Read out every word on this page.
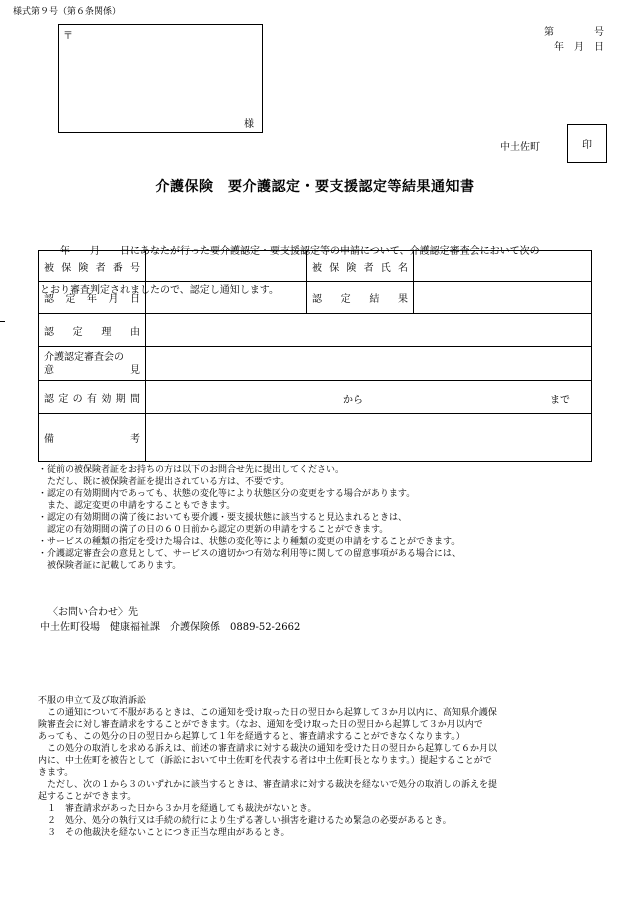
様式第９号（第６条関係）
〒
様
第　　　　号
年　月　日
中土佐町	印
介護保険　要介護認定・要支援認定等結果通知書

　　年　　月　　日にあなたが行った要介護認定・要支援認定等の申請について、介護認定審査会において次の

とおり審査判定されましたので、認定し通知します。

被保険者番号		被保険者氏名	

認定年月日		認定結果	

認定理由			

介護認定審査会の
意　　　　見			

認定の有効期間	から まで		

備　　　　考			

・従前の被保険者証をお持ちの方は以下のお問合せ先に提出してください。
　ただし、既に被保険者証を提出されている方は、不要です。
・認定の有効期間内であっても、状態の変化等により状態区分の変更をする場合があります。
　また、認定変更の申請をすることもできます。
・認定の有効期間の満了後においても要介護・要支援状態に該当すると見込まれるときは、
　認定の有効期間の満了の日の６０日前から認定の更新の申請をすることができます。
・サービスの種類の指定を受けた場合は、状態の変化等により種類の変更の申請をすることができます。
・介護認定審査会の意見として、サービスの適切かつ有効な利用等に関しての留意事項がある場合には、
　被保険者証に記載してあります。
〈お問い合わせ〉先
中土佐町役場　健康福祉課　介護保険係　0889-52-2662
不服の申立て及び取消訴訟
　この通知について不服があるときは、この通知を受け取った日の翌日から起算して３か月以内に、高知県介護保
険審査会に対し審査請求をすることができます。（なお、通知を受け取った日の翌日から起算して３か月以内で
あっても、この処分の日の翌日から起算して１年を経過すると、審査請求することができなくなります。）
　この処分の取消しを求める訴えは、前述の審査請求に対する裁決の通知を受けた日の翌日から起算して６か月以
内に、中土佐町を被告として（訴訟において中土佐町を代表する者は中土佐町長となります。）提起することがで
きます。
　ただし、次の１から３のいずれかに該当するときは、審査請求に対する裁決を経ないで処分の取消しの訴えを提
起することができます。
　１　審査請求があった日から３か月を経過しても裁決がないとき。
　２　処分、処分の執行又は手続の続行により生ずる著しい損害を避けるため緊急の必要があるとき。
　３　その他裁決を経ないことにつき正当な理由があるとき。
